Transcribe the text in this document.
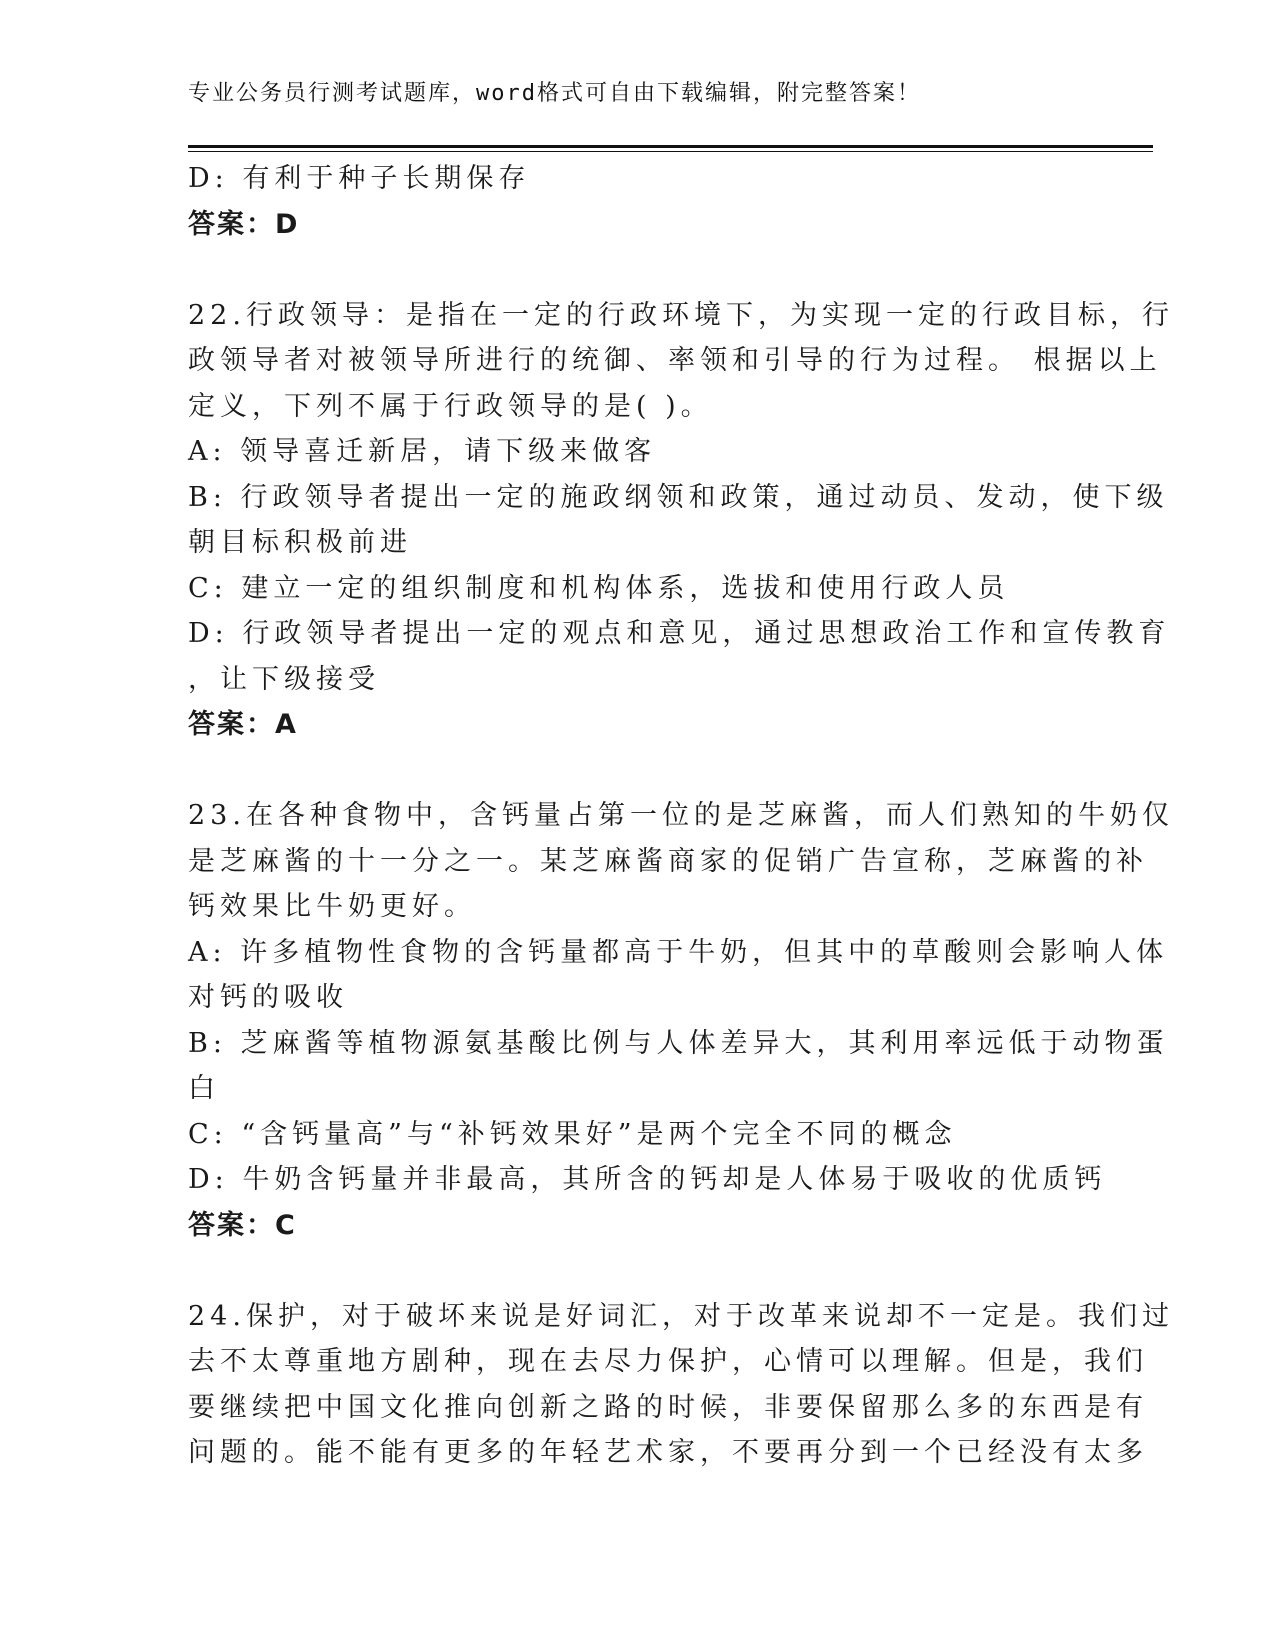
专业公务员行测考试题库，word格式可自由下载编辑，附完整答案！
D: 有利于种子长期保存
答案：D
22.行政领导：是指在一定的行政环境下，为实现一定的行政目标，行
政领导者对被领导所进行的统御、率领和引导的行为过程。 根据以上
定义，下列不属于行政领导的是( )。
A: 领导喜迁新居，请下级来做客
B: 行政领导者提出一定的施政纲领和政策，通过动员、发动，使下级
朝目标积极前进
C: 建立一定的组织制度和机构体系，选拔和使用行政人员
D: 行政领导者提出一定的观点和意见，通过思想政治工作和宣传教育
，让下级接受
答案：A
23.在各种食物中，含钙量占第一位的是芝麻酱，而人们熟知的牛奶仅
是芝麻酱的十一分之一。某芝麻酱商家的促销广告宣称，芝麻酱的补
钙效果比牛奶更好。
A: 许多植物性食物的含钙量都高于牛奶，但其中的草酸则会影响人体
对钙的吸收
B: 芝麻酱等植物源氨基酸比例与人体差异大，其利用率远低于动物蛋
白
C: “含钙量高”与“补钙效果好”是两个完全不同的概念
D: 牛奶含钙量并非最高，其所含的钙却是人体易于吸收的优质钙
答案：C
24.保护，对于破坏来说是好词汇，对于改革来说却不一定是。我们过
去不太尊重地方剧种，现在去尽力保护，心情可以理解。但是，我们
要继续把中国文化推向创新之路的时候，非要保留那么多的东西是有
问题的。能不能有更多的年轻艺术家，不要再分到一个已经没有太多
